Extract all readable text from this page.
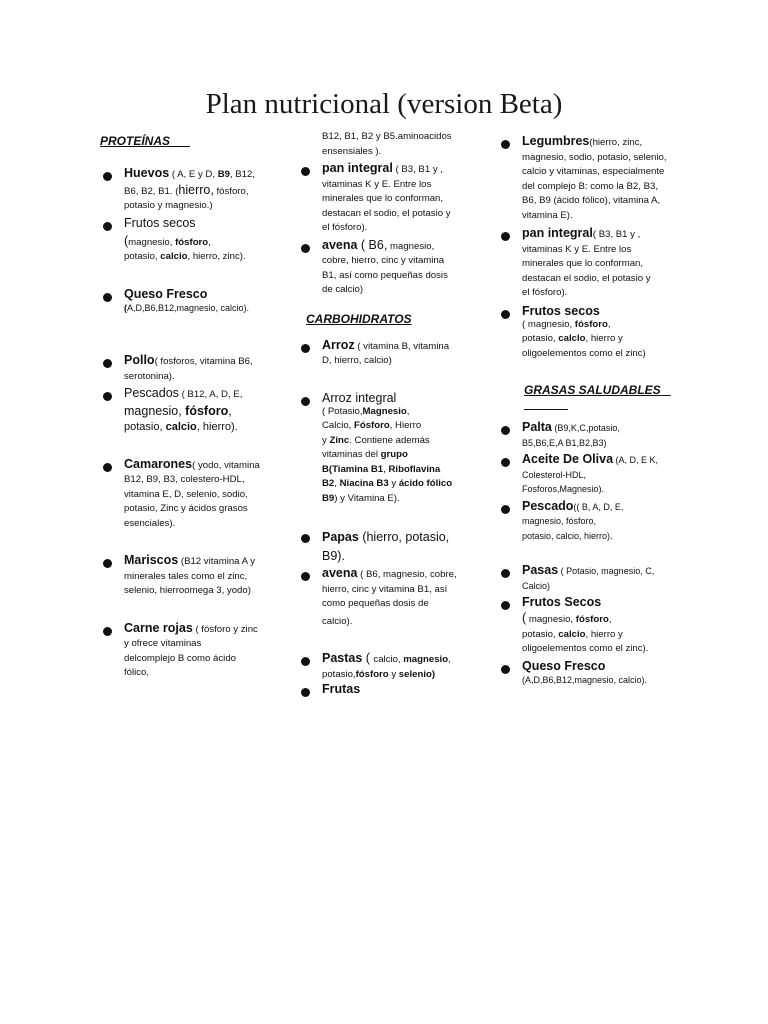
Plan nutricional (version Beta)
PROTEÍNAS
Huevos ( A, E y D, B9, B12,
B6, B2, B1. (hierro, fósforo,
potasio y magnesio.)
Frutos secos
(magnesio, fósforo,
potasio, calcio, hierro, zinc).
Queso Fresco
(A,D,B6,B12,magnesio, calcio).
Pollo( fosforos, vitamina B6,
serotonina).
Pescados ( B12, A, D, E,
magnesio, fósforo,
potasio, calcio, hierro).
Camarones( yodo, vitamina
B12, B9, B3, colestero-HDL,
vitamina E, D, selenio, sodio,
potasio, Zinc y ácidos grasos
esenciales).
Mariscos (B12 vitamina A y
minerales tales como el zinc,
selenio, hierroomega 3, yodo)
Carne rojas ( fósforo y zinc
y ofrece vitaminas
delcomplejo B como ácido
fólico,
B12, B1, B2 y B5.aminoacidos
ensensiales ).
pan integral ( B3, B1 y ,
vitaminas K y E. Entre los
minerales que lo conforman,
destacan el sodio, el potasio y
el fósforo).
avena ( B6, magnesio,
cobre, hierro, cinc y vitamina
B1, así como pequeñas dosis
de calcio)
CARBOHIDRATOS
Arroz ( vitamina B, vitamina
D, hierro, calcio)
Arroz integral
( Potasio,Magnesio,
Calcio, Fósforo, Hierro
y Zinc. Contiene además
vitaminas del grupo
B(Tiamina B1, Riboflavina
B2, Niacina B3 y ácido fólico
B9) y Vitamina E).
Papas (hierro, potasio,
B9).
avena ( B6, magnesio, cobre,
hierro, cinc y vitamina B1, así
como pequeñas dosis de
calcio).
Pastas ( calcio, magnesio,
potasio,fósforo y selenio)
Frutas
Legumbres(hierro, zinc,
magnesio, sodio, potasio, selenio,
calcio y vitaminas, especialmente
del complejo B: como la B2, B3,
B6, B9 (ácido fólico), vitamina A,
vitamina E).
pan integral( B3, B1 y ,
vitaminas K y E. Entre los
minerales que lo conforman,
destacan el sodio, el potasio y
el fósforo).
Frutos secos
( magnesio, fósforo,
potasio, calclo, hierro y
oligoelementos como el zinc)
GRASAS SALUDABLES
Palta (B9,K,C,potasio,
B5,B6,E,A B1,B2,B3)
Aceite De Oliva (A, D, E K,
Colesterol-HDL,
Fosforos,Magnesio).
Pescado(( B, A, D, E,
magnesio, fósforo,
potasio, calcio, hierro).
Pasas ( Potasio, magnesio, C,
Calcio)
Frutos Secos
( magnesio, fósforo,
potasio, calcio, hierro y
oligoelementos como el zinc).
Queso Fresco
(A,D,B6,B12,magnesio, calcio).
